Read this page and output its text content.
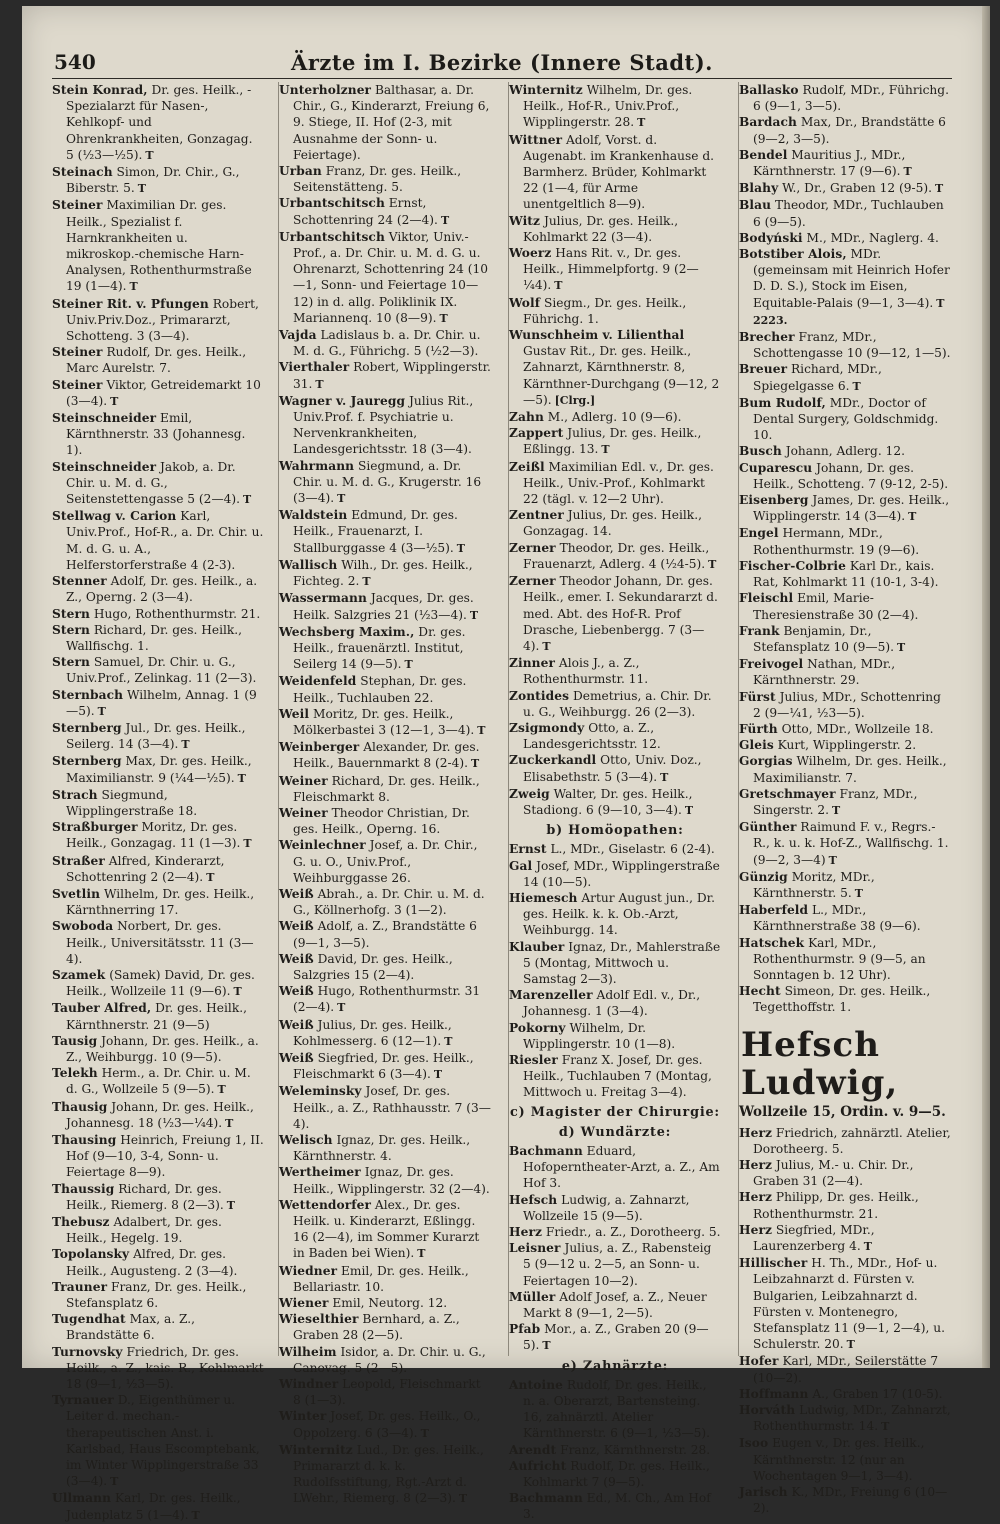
540	Ärzte im I. Bezirke (Innere Stadt).

Stein Konrad, Dr. ges. Heilk., -Spezialarzt für Nasen-, Kehlkopf- und Ohrenkrankheiten, Gonzagag. 5 (½3—½5). T

Steinach Simon, Dr. Chir., G., Biberstr. 5. T

Steiner Maximilian Dr. ges. Heilk., Spezialist f. Harnkrankheiten u. mikroskop.-chemische Harn-Analysen, Rothenthurmstraße 19 (1—4). T

Steiner Rit. v. Pfungen Robert, Univ.Priv.Doz., Primararzt, Schotteng. 3 (3—4).

Steiner Rudolf, Dr. ges. Heilk., Marc Aurelstr. 7.

Steiner Viktor, Getreidemarkt 10 (3—4). T

Steinschneider Emil, Kärnthnerstr. 33 (Johannesg. 1).

Steinschneider Jakob, a. Dr. Chir. u. M. d. G., Seitenstettengasse 5 (2—4). T

Stellwag v. Carion Karl, Univ.Prof., Hof-R., a. Dr. Chir. u. M. d. G. u. A., Helferstorferstraße 4 (2-3).

Stenner Adolf, Dr. ges. Heilk., a. Z., Operng. 2 (3—4).

Stern Hugo, Rothenthurmstr. 21.

Stern Richard, Dr. ges. Heilk., Wallfischg. 1.

Stern Samuel, Dr. Chir. u. G., Univ.Prof., Zelinkag. 11 (2—3).

Sternbach Wilhelm, Annag. 1 (9—5). T

Sternberg Jul., Dr. ges. Heilk., Seilerg. 14 (3—4). T

Sternberg Max, Dr. ges. Heilk., Maximilianstr. 9 (¼4—½5). T

Strach Siegmund, Wipplingerstraße 18.

Straßburger Moritz, Dr. ges. Heilk., Gonzagag. 11 (1—3). T

Straßer Alfred, Kinderarzt, Schottenring 2 (2—4). T

Svetlin Wilhelm, Dr. ges. Heilk., Kärnthnerring 17.

Swoboda Norbert, Dr. ges. Heilk., Universitätsstr. 11 (3—4).

Szamek (Samek) David, Dr. ges. Heilk., Wollzeile 11 (9—6). T

Tauber Alfred, Dr. ges. Heilk., Kärnthnerstr. 21 (9—5)

Tausig Johann, Dr. ges. Heilk., a. Z., Weihburgg. 10 (9—5).

Telekh Herm., a. Dr. Chir. u. M. d. G., Wollzeile 5 (9—5). T

Thausig Johann, Dr. ges. Heilk., Johannesg. 18 (½3—¼4). T

Thausing Heinrich, Freiung 1, II. Hof (9—10, 3-4, Sonn- u. Feiertage 8—9).

Thaussig Richard, Dr. ges. Heilk., Riemerg. 8 (2—3). T

Thebusz Adalbert, Dr. ges. Heilk., Hegelg. 19.

Topolansky Alfred, Dr. ges. Heilk., Augusteng. 2 (3—4).

Trauner Franz, Dr. ges. Heilk., Stefansplatz 6.

Tugendhat Max, a. Z., Brandstätte 6.

Turnovsky Friedrich, Dr. ges. Heilk., a. Z., kais. R., Kohlmarkt 18 (9—1, ½3—5).

Tyrnauer D., Eigenthümer u. Leiter d. mechan.-therapeutischen Anst. i. Karlsbad, Haus Escomptebank, im Winter Wipplingerstraße 33 (3—4). T

Ullmann Karl, Dr. ges. Heilk., Judenplatz 5 (1—4). T

Unterholzner Balthasar, a. Dr. Chir., G., Kinderarzt, Freiung 6, 9. Stiege, II. Hof (2-3, mit Ausnahme der Sonn- u. Feiertage).

Urban Franz, Dr. ges. Heilk., Seitenstätteng. 5.

Urbantschitsch Ernst, Schottenring 24 (2—4). T

Urbantschitsch Viktor, Univ.-Prof., a. Dr. Chir. u. M. d. G. u. Ohrenarzt, Schottenring 24 (10—1, Sonn- und Feiertage 10—12) in d. allg. Poliklinik IX. Mariannenq. 10 (8—9). T

Vajda Ladislaus b. a. Dr. Chir. u. M. d. G., Führichg. 5 (½2—3).

Vierthaler Robert, Wipplingerstr. 31. T

Wagner v. Jauregg Julius Rit., Univ.Prof. f. Psychiatrie u. Nervenkrankheiten, Landesgerichtsstr. 18 (3—4).

Wahrmann Siegmund, a. Dr. Chir. u. M. d. G., Krugerstr. 16 (3—4). T

Waldstein Edmund, Dr. ges. Heilk., Frauenarzt, I. Stallburggasse 4 (3—½5). T

Wallisch Wilh., Dr. ges. Heilk., Fichteg. 2. T

Wassermann Jacques, Dr. ges. Heilk. Salzgries 21 (½3—4). T

Wechsberg Maxim., Dr. ges. Heilk., frauenärztl. Institut, Seilerg 14 (9—5). T

Weidenfeld Stephan, Dr. ges. Heilk., Tuchlauben 22.

Weil Moritz, Dr. ges. Heilk., Mölkerbastei 3 (12—1, 3—4). T

Weinberger Alexander, Dr. ges. Heilk., Bauernmarkt 8 (2-4). T

Weiner Richard, Dr. ges. Heilk., Fleischmarkt 8.

Weiner Theodor Christian, Dr. ges. Heilk., Operng. 16.

Weinlechner Josef, a. Dr. Chir., G. u. O., Univ.Prof., Weihburggasse 26.

Weiß Abrah., a. Dr. Chir. u. M. d. G., Köllnerhofg. 3 (1—2).

Weiß Adolf, a. Z., Brandstätte 6 (9—1, 3—5).

Weiß David, Dr. ges. Heilk., Salzgries 15 (2—4).

Weiß Hugo, Rothenthurmstr. 31 (2—4). T

Weiß Julius, Dr. ges. Heilk., Kohlmesserg. 6 (12—1). T

Weiß Siegfried, Dr. ges. Heilk., Fleischmarkt 6 (3—4). T

Weleminsky Josef, Dr. ges. Heilk., a. Z., Rathhausstr. 7 (3—4).

Welisch Ignaz, Dr. ges. Heilk., Kärnthnerstr. 4.

Wertheimer Ignaz, Dr. ges. Heilk., Wipplingerstr. 32 (2—4).

Wettendorfer Alex., Dr. ges. Heilk. u. Kinderarzt, Eßlingg. 16 (2—4), im Sommer Kurarzt in Baden bei Wien). T

Wiedner Emil, Dr. ges. Heilk., Bellariastr. 10.

Wiener Emil, Neutorg. 12.

Wieselthier Bernhard, a. Z., Graben 28 (2—5).

Wilheim Isidor, a. Dr. Chir. u. G., Canovag. 5 (2—5).

Windner Leopold, Fleischmarkt 8 (1—3).

Winter Josef, Dr. ges. Heilk., O., Oppolzerg. 6 (3—4). T

Winternitz Lud., Dr. ges. Heilk., Primararzt d. k. k. Rudolfsstiftung, Rgt.-Arzt d. LWehr., Riemerg. 8 (2—3). T

Winternitz Wilhelm, Dr. ges. Heilk., Hof-R., Univ.Prof., Wipplingerstr. 28. T

Wittner Adolf, Vorst. d. Augenabt. im Krankenhause d. Barmherz. Brüder, Kohlmarkt 22 (1—4, für Arme unentgeltlich 8—9).

Witz Julius, Dr. ges. Heilk., Kohlmarkt 22 (3—4).

Woerz Hans Rit. v., Dr. ges. Heilk., Himmelpfortg. 9 (2—¼4). T

Wolf Siegm., Dr. ges. Heilk., Führichg. 1.

Wunschheim v. Lilienthal Gustav Rit., Dr. ges. Heilk., Zahnarzt, Kärnthnerstr. 8, Kärnthner-Durchgang (9—12, 2—5). [Clrg.]

Zahn M., Adlerg. 10 (9—6).

Zappert Julius, Dr. ges. Heilk., Eßlingg. 13. T

Zeißl Maximilian Edl. v., Dr. ges. Heilk., Univ.-Prof., Kohlmarkt 22 (tägl. v. 12—2 Uhr).

Zentner Julius, Dr. ges. Heilk., Gonzagag. 14.

Zerner Theodor, Dr. ges. Heilk., Frauenarzt, Adlerg. 4 (½4-5). T

Zerner Theodor Johann, Dr. ges. Heilk., emer. I. Sekundararzt d. med. Abt. des Hof-R. Prof Drasche, Liebenbergg. 7 (3—4). T

Zinner Alois J., a. Z., Rothenthurmstr. 11.

Zontides Demetrius, a. Chir. Dr. u. G., Weihburgg. 26 (2—3).

Zsigmondy Otto, a. Z., Landesgerichtsstr. 12.

Zuckerkandl Otto, Univ. Doz., Elisabethstr. 5 (3—4). T

Zweig Walter, Dr. ges. Heilk., Stadiong. 6 (9—10, 3—4). T

b) Homöopathen:

Ernst L., MDr., Giselastr. 6 (2-4).

Gal Josef, MDr., Wipplingerstraße 14 (10—5).

Hiemesch Artur August jun., Dr. ges. Heilk. k. k. Ob.-Arzt, Weihburgg. 14.

Klauber Ignaz, Dr., Mahlerstraße 5 (Montag, Mittwoch u. Samstag 2—3).

Marenzeller Adolf Edl. v., Dr., Johannesg. 1 (3—4).

Pokorny Wilhelm, Dr. Wipplingerstr. 10 (1—8).

Riesler Franz X. Josef, Dr. ges. Heilk., Tuchlauben 7 (Montag, Mittwoch u. Freitag 3—4).

c) Magister der Chirurgie:
d) Wundärzte:

Bachmann Eduard, Hofoperntheater-Arzt, a. Z., Am Hof 3.

Hefsch Ludwig, a. Zahnarzt, Wollzeile 15 (9—5).

Herz Friedr., a. Z., Dorotheerg. 5.

Leisner Julius, a. Z., Rabensteig 5 (9—12 u. 2—5, an Sonn- u. Feiertagen 10—2).

Müller Adolf Josef, a. Z., Neuer Markt 8 (9—1, 2—5).

Pfab Mor., a. Z., Graben 20 (9—5). T

e) Zahnärzte:

Antoine Rudolf, Dr. ges. Heilk., n. a. Oberarzt, Bartensteing. 16, zahnärztl. Atelier Kärnthnerstr. 6 (9—1, ½3—5).

Arendt Franz, Kärnthnerstr. 28.

Aufricht Rudolf, Dr. ges. Heilk., Kohlmarkt 7 (9—5).

Bachmann Ed., M. Ch., Am Hof 3.

Ballasko Rudolf, MDr., Führichg. 6 (9—1, 3—5).

Bardach Max, Dr., Brandstätte 6 (9—2, 3—5).

Bendel Mauritius J., MDr., Kärnthnerstr. 17 (9—6). T

Blahy W., Dr., Graben 12 (9-5). T

Blau Theodor, MDr., Tuchlauben 6 (9—5).

Bodyński M., MDr., Naglerg. 4.

Botstiber Alois, MDr. (gemeinsam mit Heinrich Hofer D. D. S.), Stock im Eisen, Equitable-Palais (9—1, 3—4). T 2223.

Brecher Franz, MDr., Schottengasse 10 (9—12, 1—5).

Breuer Richard, MDr., Spiegelgasse 6. T

Bum Rudolf, MDr., Doctor of Dental Surgery, Goldschmidg. 10.

Busch Johann, Adlerg. 12.

Cuparescu Johann, Dr. ges. Heilk., Schotteng. 7 (9-12, 2-5).

Eisenberg James, Dr. ges. Heilk., Wipplingerstr. 14 (3—4). T

Engel Hermann, MDr., Rothenthurmstr. 19 (9—6).

Fischer-Colbrie Karl Dr., kais. Rat, Kohlmarkt 11 (10-1, 3-4).

Fleischl Emil, Marie-Theresienstraße 30 (2—4).

Frank Benjamin, Dr., Stefansplatz 10 (9—5). T

Freivogel Nathan, MDr., Kärnthnerstr. 29.

Fürst Julius, MDr., Schottenring 2 (9—¼1, ½3—5).

Fürth Otto, MDr., Wollzeile 18.

Gleis Kurt, Wipplingerstr. 2.

Gorgias Wilhelm, Dr. ges. Heilk., Maximilianstr. 7.

Gretschmayer Franz, MDr., Singerstr. 2. T

Günther Raimund F. v., Regrs.-R., k. u. k. Hof-Z., Wallfischg. 1. (9—2, 3—4) T

Günzig Moritz, MDr., Kärnthnerstr. 5. T

Haberfeld L., MDr., Kärnthnerstraße 38 (9—6).

Hatschek Karl, MDr., Rothenthurmstr. 9 (9—5, an Sonntagen b. 12 Uhr).

Hecht Simeon, Dr. ges. Heilk., Tegetthoffstr. 1.

Hefsch Ludwig,
Wollzeile 15, Ordin. v. 9—5.

Herz Friedrich, zahnärztl. Atelier, Dorotheerg. 5.

Herz Julius, M.- u. Chir. Dr., Graben 31 (2—4).

Herz Philipp, Dr. ges. Heilk., Rothenthurmstr. 21.

Herz Siegfried, MDr., Laurenzerberg 4. T

Hillischer H. Th., MDr., Hof- u. Leibzahnarzt d. Fürsten v. Bulgarien, Leibzahnarzt d. Fürsten v. Montenegro, Stefansplatz 11 (9—1, 2—4), u. Schulerstr. 20. T

Hofer Karl, MDr., Seilerstätte 7 (10—2).

Hoffmann A., Graben 17 (10-5).

Horváth Ludwig, MDr., Zahnarzt, Rothenthurmstr. 14. T

Isoo Eugen v., Dr. ges. Heilk., Kärnthnerstr. 12 (nur an Wochentagen 9—1, 3—4).

Jarisch K., MDr., Freiung 6 (10—2).
